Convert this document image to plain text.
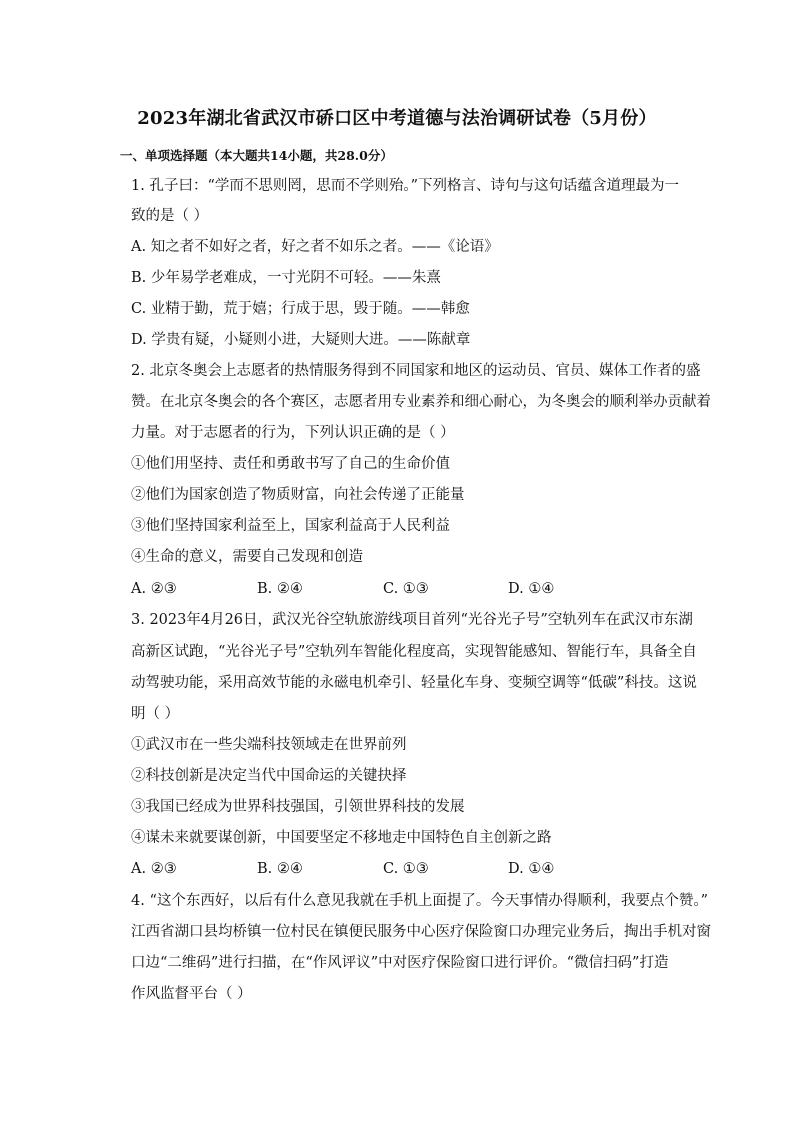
2023年湖北省武汉市硚口区中考道德与法治调研试卷（5月份）
一、单项选择题（本大题共14小题，共28.0分）
1. 孔子曰：“学而不思则罔，思而不学则殆。”下列格言、诗句与这句话蕴含道理最为一
致的是（ ）
A. 知之者不如好之者，好之者不如乐之者。——《论语》
B. 少年易学老难成，一寸光阴不可轻。——朱熹
C. 业精于勤，荒于嬉；行成于思，毁于随。——韩愈
D. 学贵有疑，小疑则小进，大疑则大进。——陈献章
2. 北京冬奥会上志愿者的热情服务得到不同国家和地区的运动员、官员、媒体工作者的盛
赞。在北京冬奥会的各个赛区，志愿者用专业素养和细心耐心，为冬奥会的顺利举办贡献着
力量。对于志愿者的行为，下列认识正确的是（ ）
①他们用坚持、责任和勇敢书写了自己的生命价值
②他们为国家创造了物质财富，向社会传递了正能量
③他们坚持国家利益至上，国家利益高于人民利益
④生命的意义，需要自己发现和创造
A. ②③	B. ②④	C. ①③	D. ①④
3. 2023年4月26日，武汉光谷空轨旅游线项目首列“光谷光子号”空轨列车在武汉市东湖
高新区试跑，“光谷光子号”空轨列车智能化程度高，实现智能感知、智能行车，具备全自
动驾驶功能，采用高效节能的永磁电机牵引、轻量化车身、变频空调等“低碳”科技。这说
明（ ）
①武汉市在一些尖端科技领域走在世界前列
②科技创新是决定当代中国命运的关键抉择
③我国已经成为世界科技强国，引领世界科技的发展
④谋未来就要谋创新，中国要坚定不移地走中国特色自主创新之路
A. ②③	B. ②④	C. ①③	D. ①④
4. “这个东西好，以后有什么意见我就在手机上面提了。今天事情办得顺利，我要点个赞。”
江西省湖口县均桥镇一位村民在镇便民服务中心医疗保险窗口办理完业务后，掏出手机对窗
口边“二维码”进行扫描，在“作风评议”中对医疗保险窗口进行评价。“微信扫码”打造
作风监督平台（ ）
